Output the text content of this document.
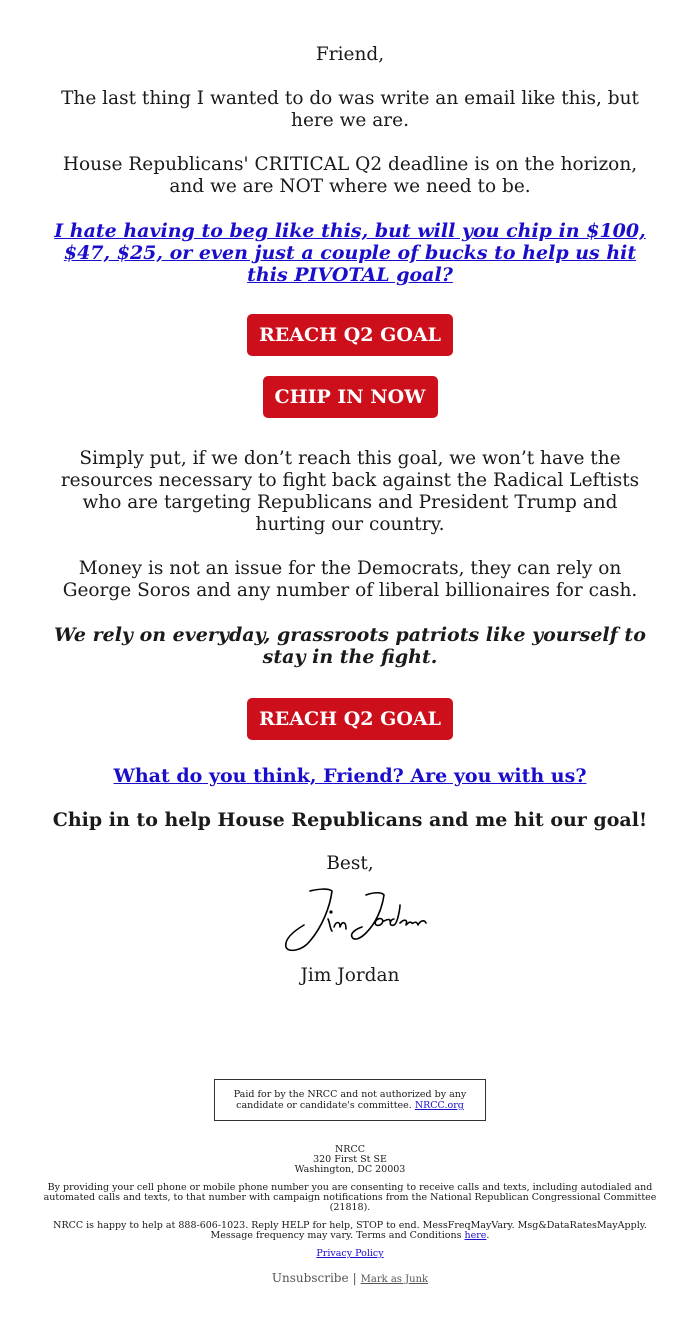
Friend,

The last thing I wanted to do was write an email like this, but here we are.

House Republicans' CRITICAL Q2 deadline is on the horizon, and we are NOT where we need to be.

I hate having to beg like this, but will you chip in $100, $47, $25, or even just a couple of bucks to help us hit this PIVOTAL goal?
REACH Q2 GOAL
CHIP IN NOW

Simply put, if we don’t reach this goal, we won’t have the resources necessary to fight back against the Radical Leftists who are targeting Republicans and President Trump and hurting our country.

Money is not an issue for the Democrats, they can rely on George Soros and any number of liberal billionaires for cash.

We rely on everyday, grassroots patriots like yourself to stay in the fight.

REACH Q2 GOAL
What do you think, Friend? Are you with us?

Chip in to help House Republicans and me hit our goal!

Best,

Jim Jordan

Paid for by the NRCC and not authorized by any candidate or candidate's committee. NRCC.org
NRCC
320 First St SE
Washington, DC 20003

By providing your cell phone or mobile phone number you are consenting to receive calls and texts, including autodialed and automated calls and texts, to that number with campaign notifications from the National Republican Congressional Committee (21818).

NRCC is happy to help at 888-606-1023. Reply HELP for help, STOP to end. MessFreqMayVary. Msg&DataRatesMayApply. Message frequency may vary. Terms and Conditions here.

Privacy Policy

Unsubscribe | Mark as Junk
